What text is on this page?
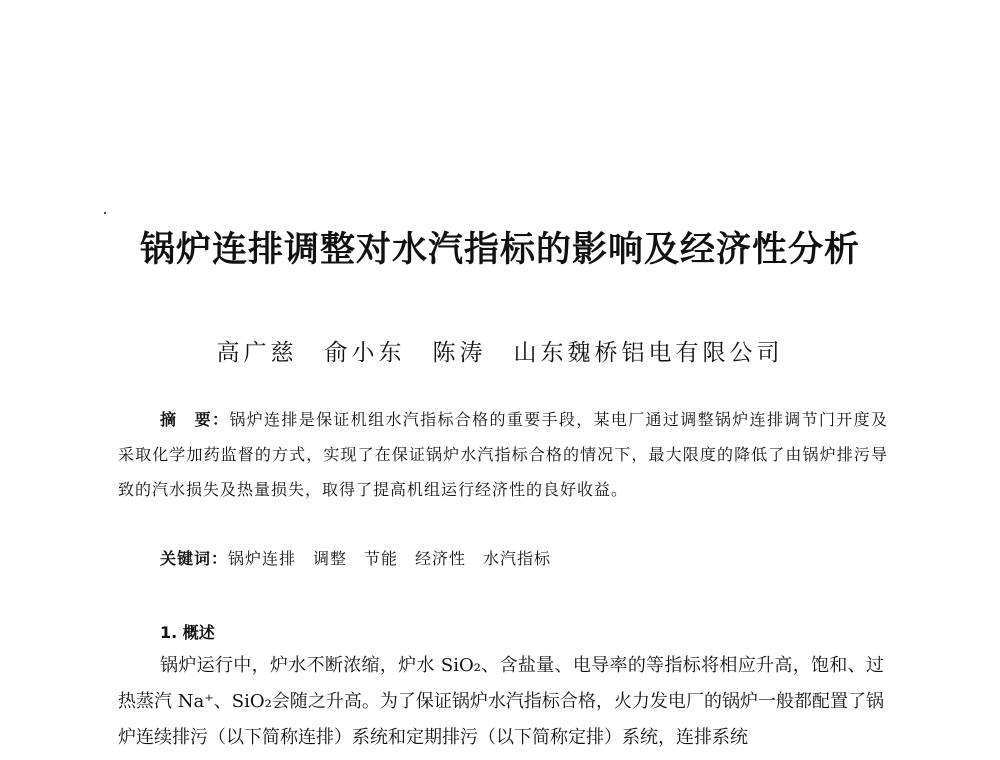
锅炉连排调整对水汽指标的影响及经济性分析
高广慈　俞小东　陈涛　山东魏桥铝电有限公司
摘　要：锅炉连排是保证机组水汽指标合格的重要手段，某电厂通过调整锅炉连排调节门开度及采取化学加药监督的方式，实现了在保证锅炉水汽指标合格的情况下，最大限度的降低了由锅炉排污导致的汽水损失及热量损失，取得了提高机组运行经济性的良好收益。
关键词：锅炉连排　调整　节能　经济性　水汽指标
1. 概述
锅炉运行中，炉水不断浓缩，炉水 SiO₂、含盐量、电导率的等指标将相应升高，饱和、过热蒸汽 Na⁺、SiO₂会随之升高。为了保证锅炉水汽指标合格，火力发电厂的锅炉一般都配置了锅炉连续排污（以下简称连排）系统和定期排污（以下简称定排）系统，连排系统
